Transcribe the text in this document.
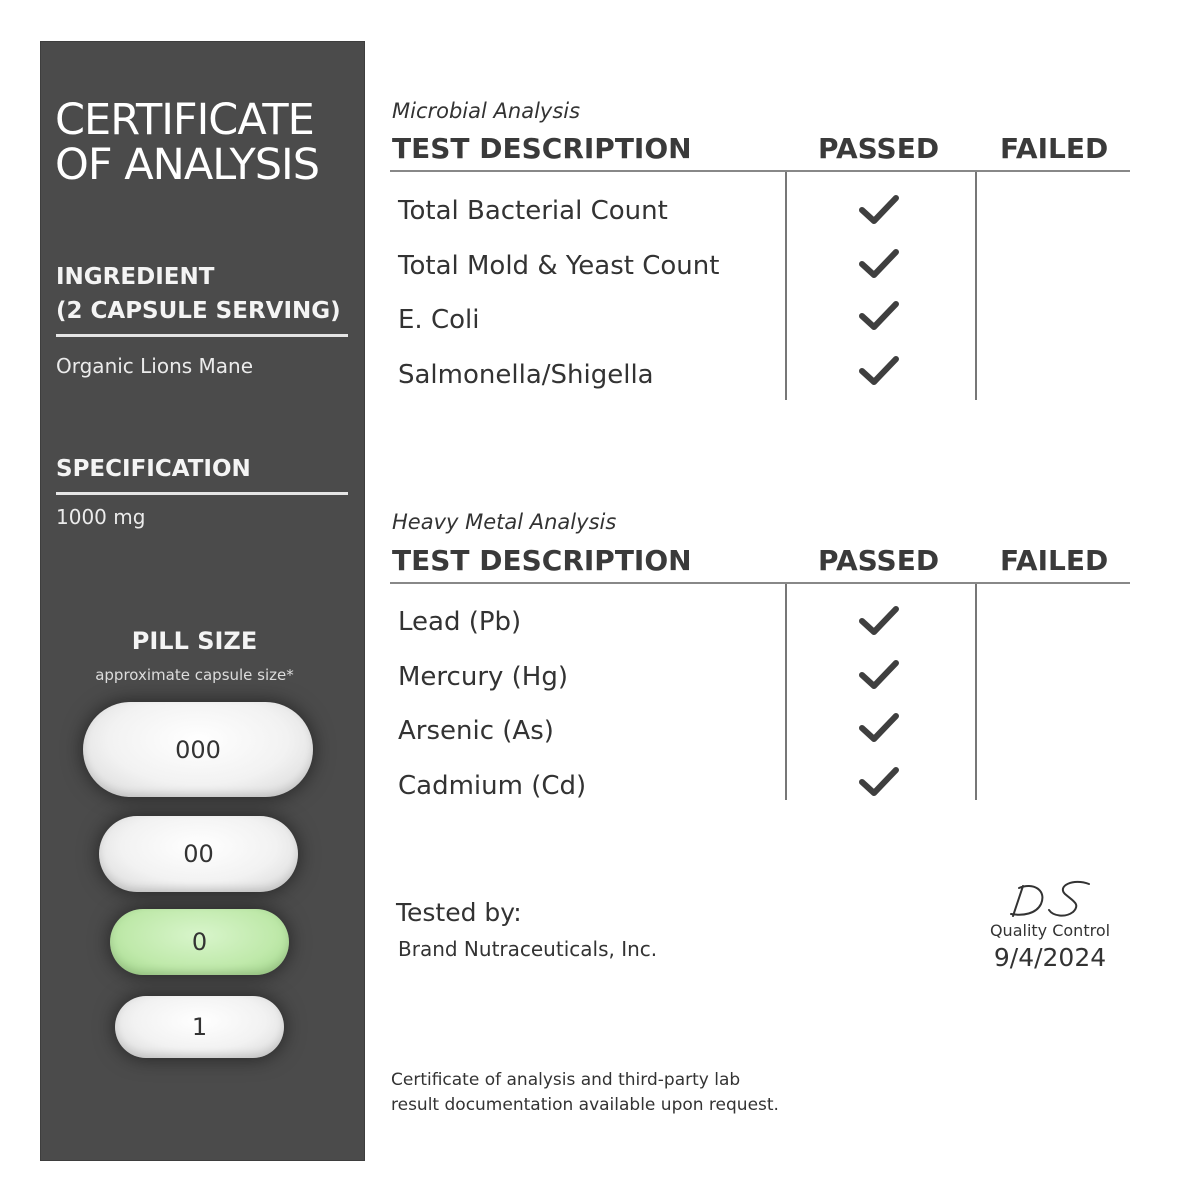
CERTIFICATE
OF ANALYSIS
INGREDIENT
(2 CAPSULE SERVING)
Organic Lions Mane
SPECIFICATION
1000 mg
PILL SIZE
approximate capsule size*
000
00
0
1
Microbial Analysis
TEST DESCRIPTION	PASSED FAILED
Total Bacterial Count
Total Mold & Yeast Count
E. Coli
Salmonella/Shigella
Heavy Metal Analysis
TEST DESCRIPTION	PASSED FAILED
Lead (Pb)
Mercury (Hg)
Arsenic (As)
Cadmium (Cd)
Tested by:
Brand Nutraceuticals, Inc.
Quality Control
9/4/2024
Certificate of analysis and third-party lab
result documentation available upon request.
